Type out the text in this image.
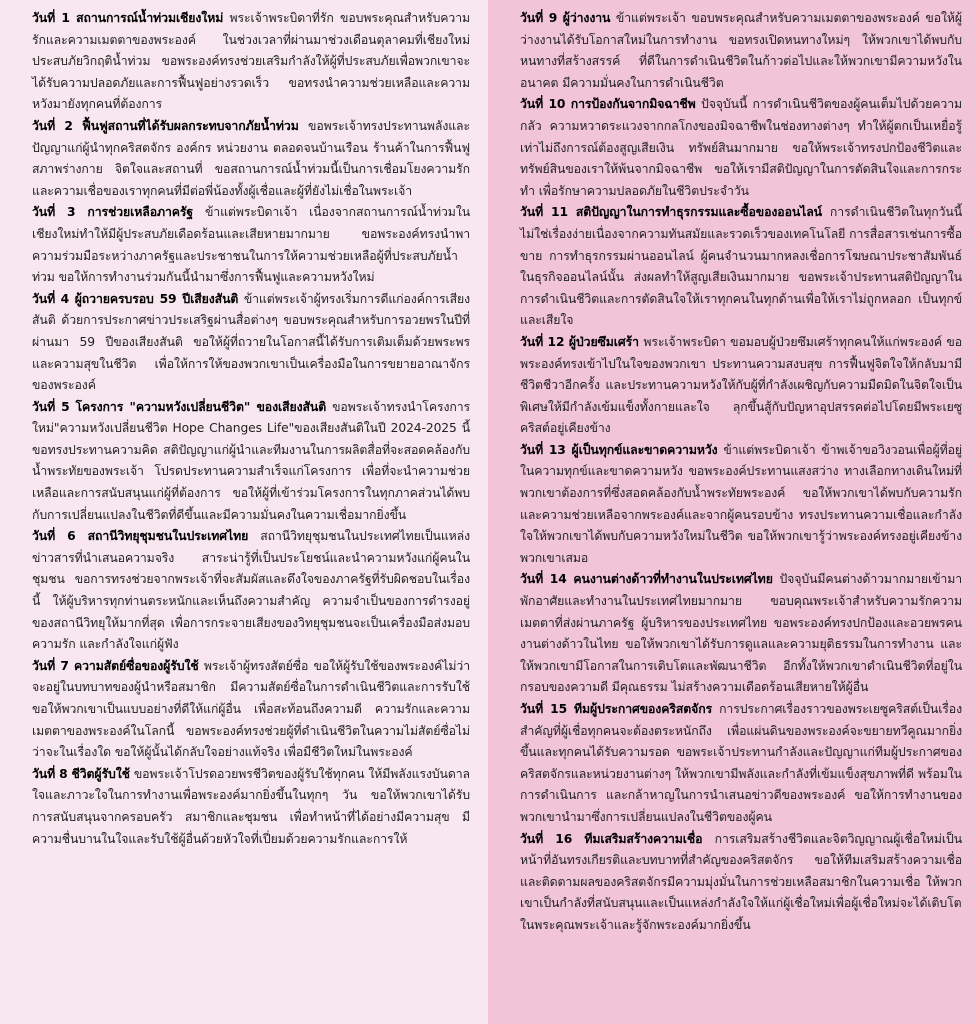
วันที่ 1 สถานการณ์น้ำท่วมเชียงใหม่ พระเจ้าพระบิดาที่รัก ขอบพระคุณสำหรับความรักและความเมตตาของพระองค์ ในช่วงเวลาที่ผ่านมาช่วงเดือนตุลาคมที่เชียงใหม่ประสบภัยวิกฤติน้ำท่วม ขอพระองค์ทรงช่วยเสริมกำลังให้ผู้ที่ประสบภัยเพื่อพวกเขาจะได้รับความปลอดภัยและการฟื้นฟูอย่างรวดเร็ว ขอทรงนำความช่วยเหลือและความหวังมายังทุกคนที่ต้องการ

วันที่ 2 ฟื้นฟูสถานที่ได้รับผลกระทบจากภัยน้ำท่วม ขอพระเจ้าทรงประทานพลังและปัญญาแก่ผู้นำทุกคริสตจักร องค์กร หน่วยงาน ตลอดจนบ้านเรือน ร้านค้าในการฟื้นฟูสภาพร่างกาย จิตใจและสถานที่ ขอสถานการณ์น้ำท่วมนี้เป็นการเชื่อมโยงความรักและความเชื่อของเราทุกคนที่มีต่อพี่น้องทั้งผู้เชื่อและผู้ที่ยังไม่เชื่อในพระเจ้า

วันที่ 3 การช่วยเหลือภาครัฐ ข้าแต่พระบิดาเจ้า เนื่องจากสถานการณ์น้ำท่วมในเชียงใหม่ทำให้มีผู้ประสบภัยเดือดร้อนและเสียหายมากมาย ขอพระองค์ทรงนำพาความร่วมมือระหว่างภาครัฐและประชาชนในการให้ความช่วยเหลือผู้ที่ประสบภัยน้ำท่วม ขอให้การทำงานร่วมกันนี้นำมาซึ่งการฟื้นฟูและความหวังใหม่

วันที่ 4 ผู้ถวายครบรอบ 59 ปีเสียงสันติ ข้าแต่พระเจ้าผู้ทรงเริ่มการดีแก่องค์การเสียงสันติ ด้วยการประกาศข่าวประเสริฐผ่านสื่อต่างๆ ขอบพระคุณสำหรับการอวยพรในปีที่ผ่านมา 59 ปีของเสียงสันติ ขอให้ผู้ที่ถวายในโอกาสนี้ได้รับการเติมเต็มด้วยพระพรและความสุขในชีวิต เพื่อให้การให้ของพวกเขาเป็นเครื่องมือในการขยายอาณาจักรของพระองค์

วันที่ 5 โครงการ "ความหวังเปลี่ยนชีวิต" ของเสียงสันติ ขอพระเจ้าทรงนำโครงการใหม่"ความหวังเปลี่ยนชีวิต Hope Changes Life"ของเสียงสันติในปี 2024-2025 นี้ ขอทรงประทานความคิด สติปัญญาแก่ผู้นำและทีมงานในการผลิตสื่อที่จะสอดคล้องกับน้ำพระทัยของพระเจ้า โปรดประทานความสำเร็จแก่โครงการ เพื่อที่จะนำความช่วยเหลือและการสนับสนุนแก่ผู้ที่ต้องการ ขอให้ผู้ที่เข้าร่วมโครงการในทุกภาคส่วนได้พบกับการเปลี่ยนแปลงในชีวิตที่ดีขึ้นและมีความมั่นคงในความเชื่อมากยิ่งขึ้น

วันที่ 6 สถานีวิทยุชุมชนในประเทศไทย สถานีวิทยุชุมชนในประเทศไทยเป็นแหล่งข่าวสารที่นำเสนอความจริง สาระน่ารู้ที่เป็นประโยชน์และนำความหวังแก่ผู้คนในชุมชน ขอการทรงช่วยจากพระเจ้าที่จะสัมผัสและดึงใจของภาครัฐที่รับผิดชอบในเรื่องนี้ ให้ผู้บริหารทุกท่านตระหนักและเห็นถึงความสำคัญ ความจำเป็นของการดำรงอยู่ของสถานีวิทยุให้มากที่สุด เพื่อการกระจายเสียงของวิทยุชุมชนจะเป็นเครื่องมือส่งมอบความรัก และกำลังใจแก่ผู้ฟัง

วันที่ 7 ความสัตย์ซื่อของผู้รับใช้ พระเจ้าผู้ทรงสัตย์ซื่อ ขอให้ผู้รับใช้ของพระองค์ไม่ว่าจะอยู่ในบทบาทของผู้นำหรือสมาชิก มีความสัตย์ซื่อในการดำเนินชีวิตและการรับใช้ ขอให้พวกเขาเป็นแบบอย่างที่ดีให้แก่ผู้อื่น เพื่อสะท้อนถึงความดี ความรักและความเมตตาของพระองค์ในโลกนี้ ขอพระองค์ทรงช่วยผู้ที่ดำเนินชีวิตในความไม่สัตย์ซื่อไม่ว่าจะในเรื่องใด ขอให้ผู้นั้นได้กลับใจอย่างแท้จริง เพื่อมีชีวิตใหม่ในพระองค์

วันที่ 8 ชีวิตผู้รับใช้ ขอพระเจ้าโปรดอวยพรชีวิตของผู้รับใช้ทุกคน ให้มีพลังแรงบันดาลใจและภาวะใจในการทำงานเพื่อพระองค์มากยิ่งขึ้นในทุกๆ วัน ขอให้พวกเขาได้รับการสนับสนุนจากครอบครัว สมาชิกและชุมชน เพื่อทำหน้าที่ได้อย่างมีความสุข มีความชื่นบานในใจและรับใช้ผู้อื่นด้วยหัวใจที่เปี่ยมด้วยความรักและการให้

วันที่ 9 ผู้ว่างงาน ข้าแต่พระเจ้า ขอบพระคุณสำหรับความเมตตาของพระองค์ ขอให้ผู้ว่างงานได้รับโอกาสใหม่ในการทำงาน ขอทรงเปิดหนทางใหม่ๆ ให้พวกเขาได้พบกับหนทางที่สร้างสรรค์ ที่ดีในการดำเนินชีวิตในก้าวต่อไปและให้พวกเขามีความหวังในอนาคต มีความมั่นคงในการดำเนินชีวิต

วันที่ 10 การป้องกันจากมิจฉาชีพ ปัจจุบันนี้ การดำเนินชีวิตของผู้คนเต็มไปด้วยความกลัว ความหวาดระแวงจากกลโกงของมิจฉาชีพในช่องทางต่างๆ ทำให้ผู้ตกเป็นเหยื่อรู้เท่าไม่ถึงการณ์ต้องสูญเสียเงิน ทรัพย์สินมากมาย ขอให้พระเจ้าทรงปกป้องชีวิตและทรัพย์สินของเราให้พ้นจากมิจฉาชีพ ขอให้เรามีสติปัญญาในการตัดสินใจและการกระทำ เพื่อรักษาความปลอดภัยในชีวิตประจำวัน

วันที่ 11 สติปัญญาในการทำธุรกรรมและซื้อของออนไลน์ การดำเนินชีวิตในทุกวันนี้ไม่ใช่เรื่องง่ายเนื่องจากความทันสมัยและรวดเร็วของเทคโนโลยี การสื่อสารเช่นการซื้อขาย การทำธุรกรรมผ่านออนไลน์ ผู้คนจำนวนมากหลงเชื่อการโฆษณาประชาสัมพันธ์ในธุรกิจออนไลน์นั้น ส่งผลทำให้สูญเสียเงินมากมาย ขอพระเจ้าประทานสติปัญญาในการดำเนินชีวิตและการตัดสินใจให้เราทุกคนในทุกด้านเพื่อให้เราไม่ถูกหลอก เป็นทุกข์และเสียใจ

วันที่ 12 ผู้ป่วยซึมเศร้า พระเจ้าพระบิดา ขอมอบผู้ป่วยซึมเศร้าทุกคนให้แก่พระองค์ ขอพระองค์ทรงเข้าไปในใจของพวกเขา ประทานความสงบสุข การฟื้นฟูจิตใจให้กลับมามีชีวิตชีวาอีกครั้ง และประทานความหวังให้กับผู้ที่กำลังเผชิญกับความมืดมิดในจิตใจเป็นพิเศษให้มีกำลังเข้มแข็งทั้งกายและใจ ลุกขึ้นสู้กับปัญหาอุปสรรคต่อไปโดยมีพระเยซูคริสต์อยู่เคียงข้าง

วันที่ 13 ผู้เป็นทุกข์และขาดความหวัง ข้าแต่พระบิดาเจ้า ข้าพเจ้าขอวิงวอนเพื่อผู้ที่อยู่ในความทุกข์และขาดความหวัง ขอพระองค์ประทานแสงสว่าง ทางเลือกทางเดินใหม่ที่พวกเขาต้องการที่ซึ่งสอดคล้องกับน้ำพระทัยพระองค์ ขอให้พวกเขาได้พบกับความรักและความช่วยเหลือจากพระองค์และจากผู้คนรอบข้าง ทรงประทานความเชื่อและกำลังใจให้พวกเขาได้พบกับความหวังใหม่ในชีวิต ขอให้พวกเขารู้ว่าพระองค์ทรงอยู่เคียงข้างพวกเขาเสมอ

วันที่ 14 คนงานต่างด้าวที่ทำงานในประเทศไทย ปัจจุบันมีคนต่างด้าวมากมายเข้ามาพักอาศัยและทำงานในประเทศไทยมากมาย ขอบคุณพระเจ้าสำหรับความรักความเมตตาที่ส่งผ่านภาครัฐ ผู้บริหารของประเทศไทย ขอพระองค์ทรงปกป้องและอวยพรคนงานต่างด้าวในไทย ขอให้พวกเขาได้รับการดูแลและความยุติธรรมในการทำงาน และให้พวกเขามีโอกาสในการเติบโตและพัฒนาชีวิต อีกทั้งให้พวกเขาดำเนินชีวิตที่อยู่ในกรอบของความดี มีคุณธรรม ไม่สร้างความเดือดร้อนเสียหายให้ผู้อื่น

วันที่ 15 ทีมผู้ประกาศของคริสตจักร การประกาศเรื่องราวของพระเยซูคริสต์เป็นเรื่องสำคัญที่ผู้เชื่อทุกคนจะต้องตระหนักถึง เพื่อแผ่นดินของพระองค์จะขยายทวีคูณมากยิ่งขึ้นและทุกคนได้รับความรอด ขอพระเจ้าประทานกำลังและปัญญาแก่ทีมผู้ประกาศของคริสตจักรและหน่วยงานต่างๆ ให้พวกเขามีพลังและกำลังที่เข้มแข็งสุขภาพที่ดี พร้อมในการดำเนินการ และกล้าหาญในการนำเสนอข่าวดีของพระองค์ ขอให้การทำงานของพวกเขานำมาซึ่งการเปลี่ยนแปลงในชีวิตของผู้คน

วันที่ 16 ทีมเสริมสร้างความเชื่อ การเสริมสร้างชีวิตและจิตวิญญาณผู้เชื่อใหม่เป็นหน้าที่อันทรงเกียรติและบทบาทที่สำคัญของคริสตจักร ขอให้ทีมเสริมสร้างความเชื่อและติดตามผลของคริสตจักรมีความมุ่งมั่นในการช่วยเหลือสมาชิกในความเชื่อ ให้พวกเขาเป็นกำลังที่สนับสนุนและเป็นแหล่งกำลังใจให้แก่ผู้เชื่อใหม่เพื่อผู้เชื่อใหม่จะได้เติบโตในพระคุณพระเจ้าและรู้จักพระองค์มากยิ่งขึ้น
